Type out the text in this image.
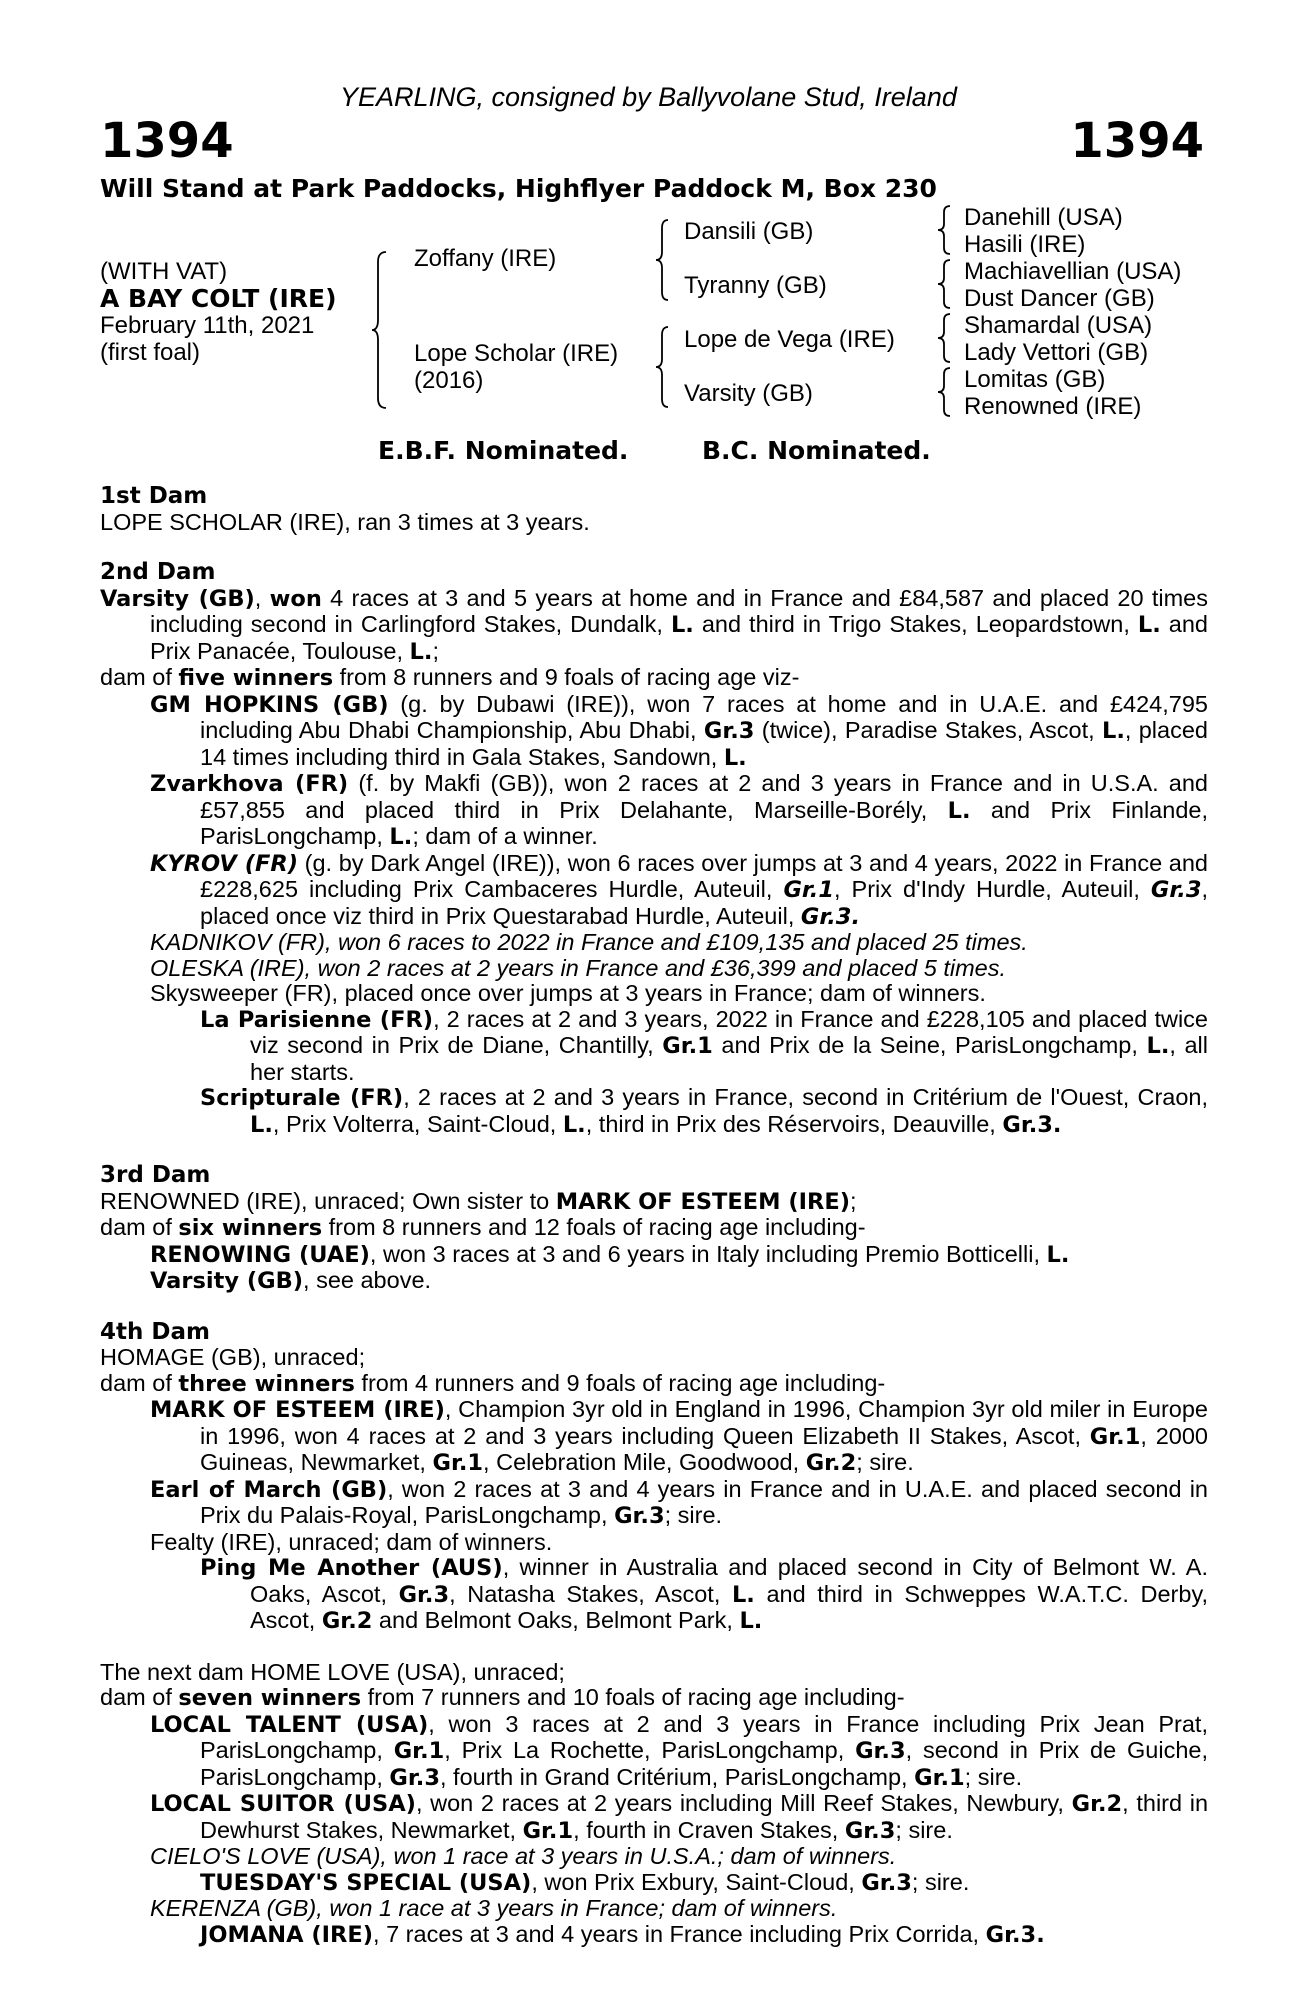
YEARLING, consigned by Ballyvolane Stud, Ireland
1394	1394
Will Stand at Park Paddocks, Highflyer Paddock M, Box 230
(WITH VAT)
A BAY COLT (IRE)
February 11th, 2021
(first foal)
Zoffany (IRE)
Lope Scholar (IRE)
(2016)
Dansili (GB)
Tyranny (GB)
Lope de Vega (IRE)
Varsity (GB)
Danehill (USA)
Hasili (IRE)
Machiavellian (USA)
Dust Dancer (GB)
Shamardal (USA)
Lady Vettori (GB)
Lomitas (GB)
Renowned (IRE)
E.B.F. Nominated.	B.C. Nominated.
1st Dam

LOPE SCHOLAR (IRE), ran 3 times at 3 years.

2nd Dam

Varsity (GB), won 4 races at 3 and 5 years at home and in France and £84,587 and placed 20 times including second in Carlingford Stakes, Dundalk, L. and third in Trigo Stakes, Leopardstown, L. and Prix Panacée, Toulouse, L.;

dam of five winners from 8 runners and 9 foals of racing age viz-

GM HOPKINS (GB) (g. by Dubawi (IRE)), won 7 races at home and in U.A.E. and £424,795 including Abu Dhabi Championship, Abu Dhabi, Gr.3 (twice), Paradise Stakes, Ascot, L., placed 14 times including third in Gala Stakes, Sandown, L.

Zvarkhova (FR) (f. by Makfi (GB)), won 2 races at 2 and 3 years in France and in U.S.A. and £57,855 and placed third in Prix Delahante, Marseille-Borély, L. and Prix Finlande, ParisLongchamp, L.; dam of a winner.

KYROV (FR) (g. by Dark Angel (IRE)), won 6 races over jumps at 3 and 4 years, 2022 in France and £228,625 including Prix Cambaceres Hurdle, Auteuil, Gr.1, Prix d'Indy Hurdle, Auteuil, Gr.3, placed once viz third in Prix Questarabad Hurdle, Auteuil, Gr.3.

KADNIKOV (FR), won 6 races to 2022 in France and £109,135 and placed 25 times.

OLESKA (IRE), won 2 races at 2 years in France and £36,399 and placed 5 times.

Skysweeper (FR), placed once over jumps at 3 years in France; dam of winners.

La Parisienne (FR), 2 races at 2 and 3 years, 2022 in France and £228,105 and placed twice viz second in Prix de Diane, Chantilly, Gr.1 and Prix de la Seine, ParisLongchamp, L., all her starts.

Scripturale (FR), 2 races at 2 and 3 years in France, second in Critérium de l'Ouest, Craon, L., Prix Volterra, Saint-Cloud, L., third in Prix des Réservoirs, Deauville, Gr.3.

3rd Dam

RENOWNED (IRE), unraced; Own sister to MARK OF ESTEEM (IRE);

dam of six winners from 8 runners and 12 foals of racing age including-

RENOWING (UAE), won 3 races at 3 and 6 years in Italy including Premio Botticelli, L.

Varsity (GB), see above.

4th Dam

HOMAGE (GB), unraced;

dam of three winners from 4 runners and 9 foals of racing age including-

MARK OF ESTEEM (IRE), Champion 3yr old in England in 1996, Champion 3yr old miler in Europe in 1996, won 4 races at 2 and 3 years including Queen Elizabeth II Stakes, Ascot, Gr.1, 2000 Guineas, Newmarket, Gr.1, Celebration Mile, Goodwood, Gr.2; sire.

Earl of March (GB), won 2 races at 3 and 4 years in France and in U.A.E. and placed second in Prix du Palais-Royal, ParisLongchamp, Gr.3; sire.

Fealty (IRE), unraced; dam of winners.

Ping Me Another (AUS), winner in Australia and placed second in City of Belmont W. A. Oaks, Ascot, Gr.3, Natasha Stakes, Ascot, L. and third in Schweppes W.A.T.C. Derby, Ascot, Gr.2 and Belmont Oaks, Belmont Park, L.

The next dam HOME LOVE (USA), unraced;

dam of seven winners from 7 runners and 10 foals of racing age including-

LOCAL TALENT (USA), won 3 races at 2 and 3 years in France including Prix Jean Prat, ParisLongchamp, Gr.1, Prix La Rochette, ParisLongchamp, Gr.3, second in Prix de Guiche, ParisLongchamp, Gr.3, fourth in Grand Critérium, ParisLongchamp, Gr.1; sire.

LOCAL SUITOR (USA), won 2 races at 2 years including Mill Reef Stakes, Newbury, Gr.2, third in Dewhurst Stakes, Newmarket, Gr.1, fourth in Craven Stakes, Gr.3; sire.

CIELO'S LOVE (USA), won 1 race at 3 years in U.S.A.; dam of winners.

TUESDAY'S SPECIAL (USA), won Prix Exbury, Saint-Cloud, Gr.3; sire.

KERENZA (GB), won 1 race at 3 years in France; dam of winners.

JOMANA (IRE), 7 races at 3 and 4 years in France including Prix Corrida, Gr.3.
